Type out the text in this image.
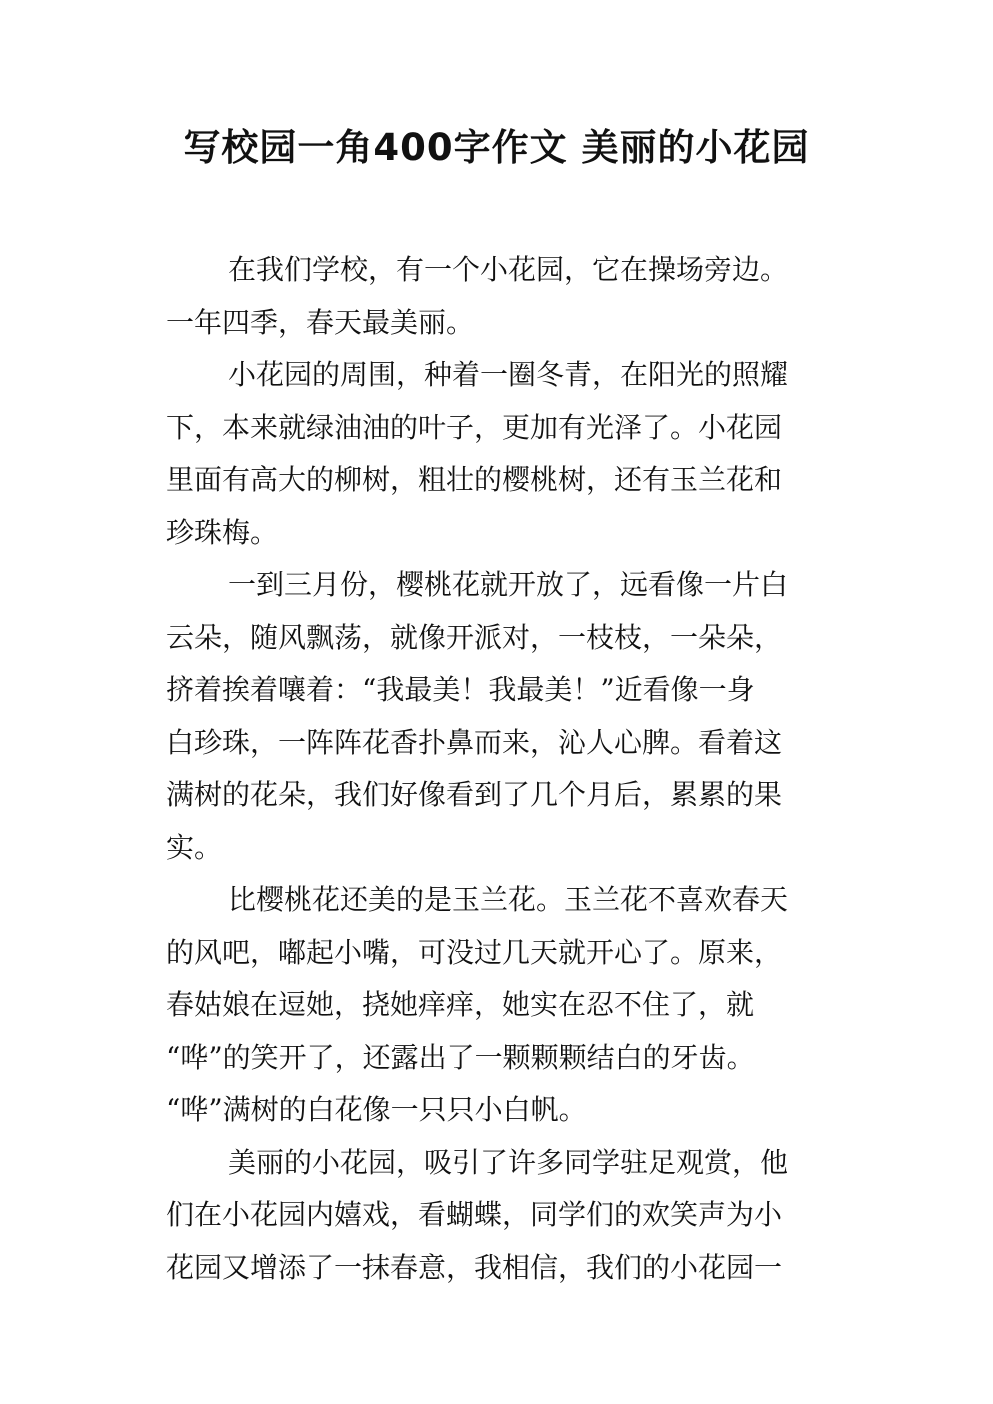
写校园一角400字作文 美丽的小花园
在我们学校，有一个小花园，它在操场旁边。
一年四季，春天最美丽。
小花园的周围，种着一圈冬青，在阳光的照耀
下，本来就绿油油的叶子，更加有光泽了。小花园
里面有高大的柳树，粗壮的樱桃树，还有玉兰花和
珍珠梅。
一到三月份，樱桃花就开放了，远看像一片白
云朵，随风飘荡，就像开派对，一枝枝，一朵朵，
挤着挨着嚷着：“我最美！我最美！”近看像一身
白珍珠，一阵阵花香扑鼻而来，沁人心脾。看着这
满树的花朵，我们好像看到了几个月后，累累的果
实。
比樱桃花还美的是玉兰花。玉兰花不喜欢春天
的风吧，嘟起小嘴，可没过几天就开心了。原来，
春姑娘在逗她，挠她痒痒，她实在忍不住了，就
“哗”的笑开了，还露出了一颗颗颗结白的牙齿。
“哗”满树的白花像一只只小白帆。
美丽的小花园，吸引了许多同学驻足观赏，他
们在小花园内嬉戏，看蝴蝶，同学们的欢笑声为小
花园又增添了一抹春意，我相信，我们的小花园一
